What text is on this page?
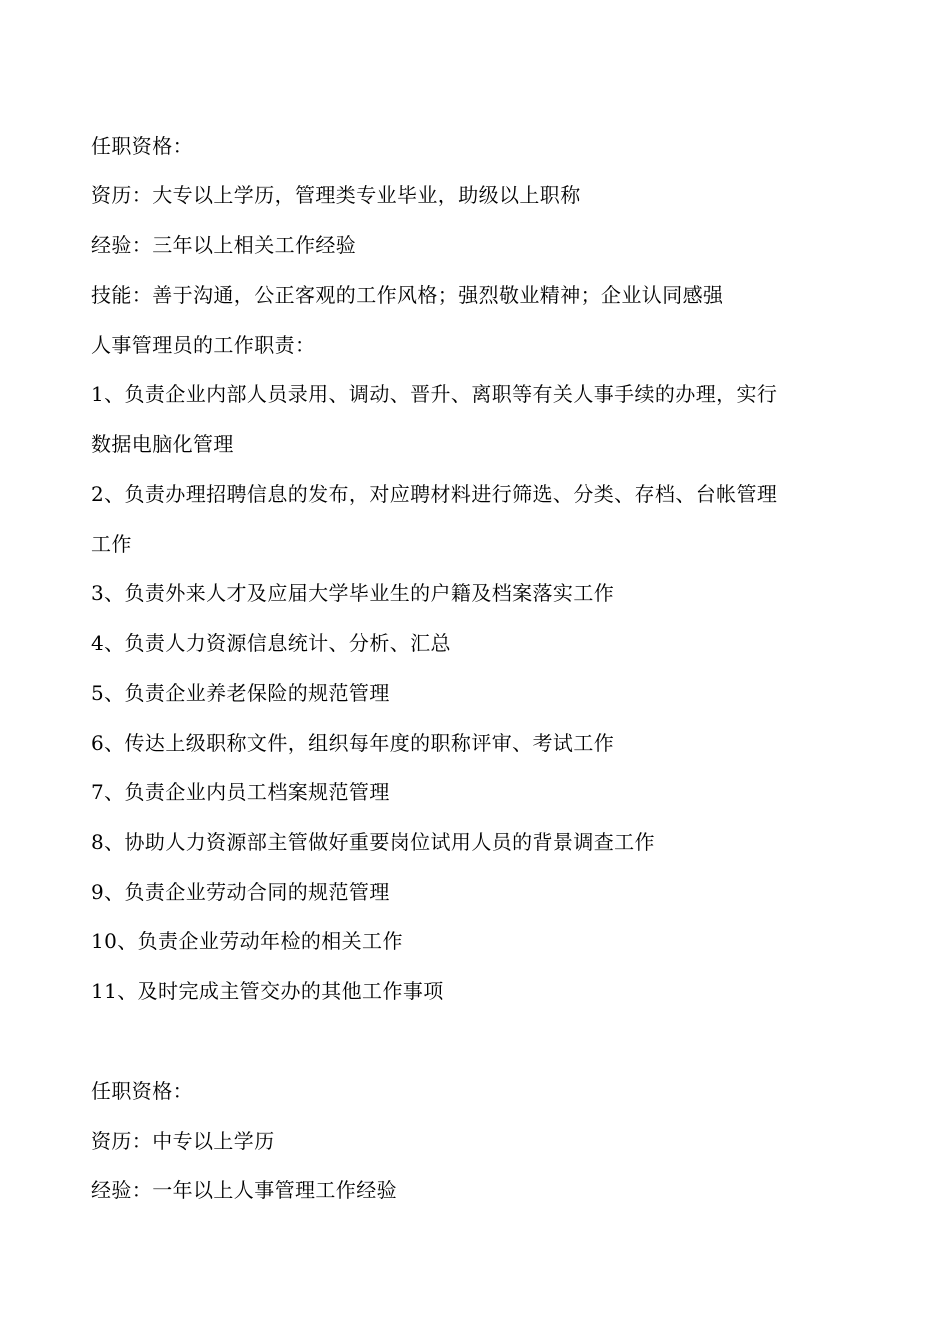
任职资格：
资历：大专以上学历，管理类专业毕业，助级以上职称
经验：三年以上相关工作经验
技能：善于沟通，公正客观的工作风格；强烈敬业精神；企业认同感强
人事管理员的工作职责：
1、负责企业内部人员录用、调动、晋升、离职等有关人事手续的办理，实行
数据电脑化管理
2、负责办理招聘信息的发布，对应聘材料进行筛选、分类、存档、台帐管理
工作
3、负责外来人才及应届大学毕业生的户籍及档案落实工作
4、负责人力资源信息统计、分析、汇总
5、负责企业养老保险的规范管理
6、传达上级职称文件，组织每年度的职称评审、考试工作
7、负责企业内员工档案规范管理
8、协助人力资源部主管做好重要岗位试用人员的背景调查工作
9、负责企业劳动合同的规范管理
10、负责企业劳动年检的相关工作
11、及时完成主管交办的其他工作事项
任职资格：
资历：中专以上学历
经验：一年以上人事管理工作经验
